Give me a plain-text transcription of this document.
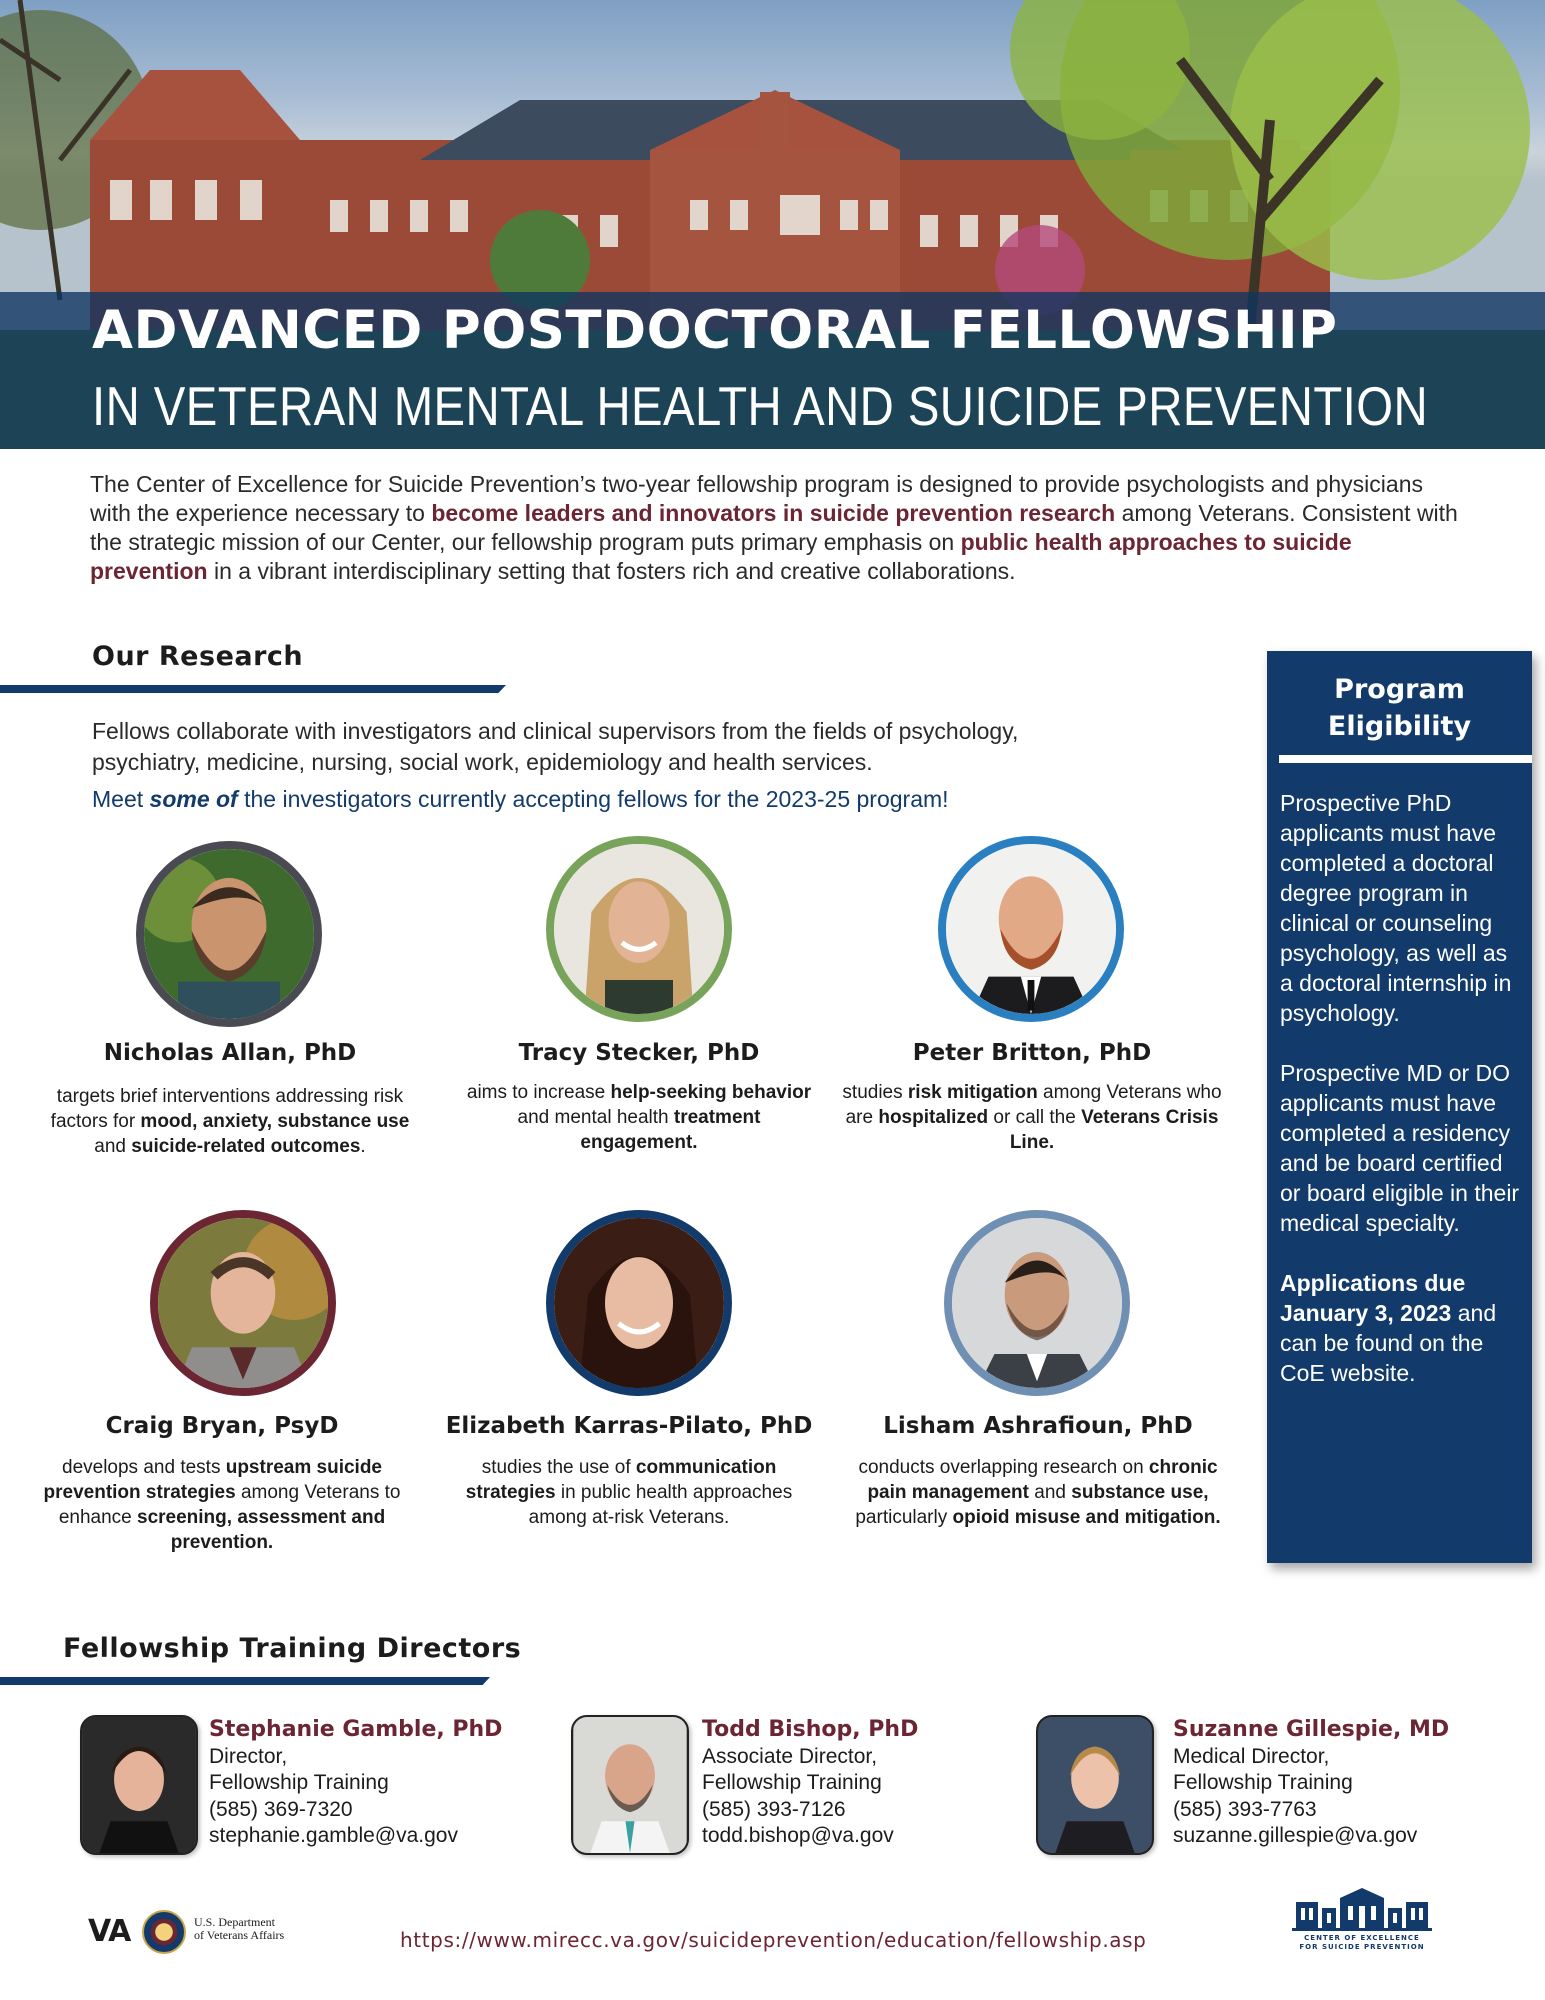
ADVANCED POSTDOCTORAL FELLOWSHIP
IN VETERAN MENTAL HEALTH AND SUICIDE PREVENTION
The Center of Excellence for Suicide Prevention’s two-year fellowship program is designed to provide psychologists and physicians with the experience necessary to become leaders and innovators in suicide prevention research among Veterans. Consistent with the strategic mission of our Center, our fellowship program puts primary emphasis on public health approaches to suicide prevention in a vibrant interdisciplinary setting that fosters rich and creative collaborations.
Our Research
Fellows collaborate with investigators and clinical supervisors from the fields of psychology, psychiatry, medicine, nursing, social work, epidemiology and health services.
Meet some of the investigators currently accepting fellows for the 2023-25 program!
Nicholas Allan, PhD
targets brief interventions addressing risk factors for mood, anxiety, substance use and suicide-related outcomes.
Tracy Stecker, PhD
aims to increase help-seeking behavior and mental health treatment engagement.
Peter Britton, PhD
studies risk mitigation among Veterans who are hospitalized or call the Veterans Crisis Line.
Craig Bryan, PsyD
develops and tests upstream suicide prevention strategies among Veterans to enhance screening, assessment and prevention.
Elizabeth Karras-Pilato, PhD
studies the use of communication strategies in public health approaches among at-risk Veterans.
Lisham Ashrafioun, PhD
conducts overlapping research on chronic pain management and substance use, particularly opioid misuse and mitigation.
Program
Eligibility

Prospective PhD applicants must have completed a doctoral degree program in clinical or counseling psychology, as well as a doctoral internship in psychology.

Prospective MD or DO applicants must have completed a residency and be board certified or board eligible in their medical specialty.

Applications due January 3, 2023 and can be found on the CoE website.

Fellowship Training Directors
Stephanie Gamble, PhD
Director,
Fellowship Training
(585) 369-7320
stephanie.gamble@va.gov
Todd Bishop, PhD
Associate Director,
Fellowship Training
(585) 393-7126
todd.bishop@va.gov
Suzanne Gillespie, MD
Medical Director,
Fellowship Training
(585) 393-7763
suzanne.gillespie@va.gov
VA	U.S. Department
of Veterans Affairs	https://www.mirecc.va.gov/suicideprevention/education/fellowship.asp	CENTER OF EXCELLENCE
FOR SUICIDE PREVENTION
